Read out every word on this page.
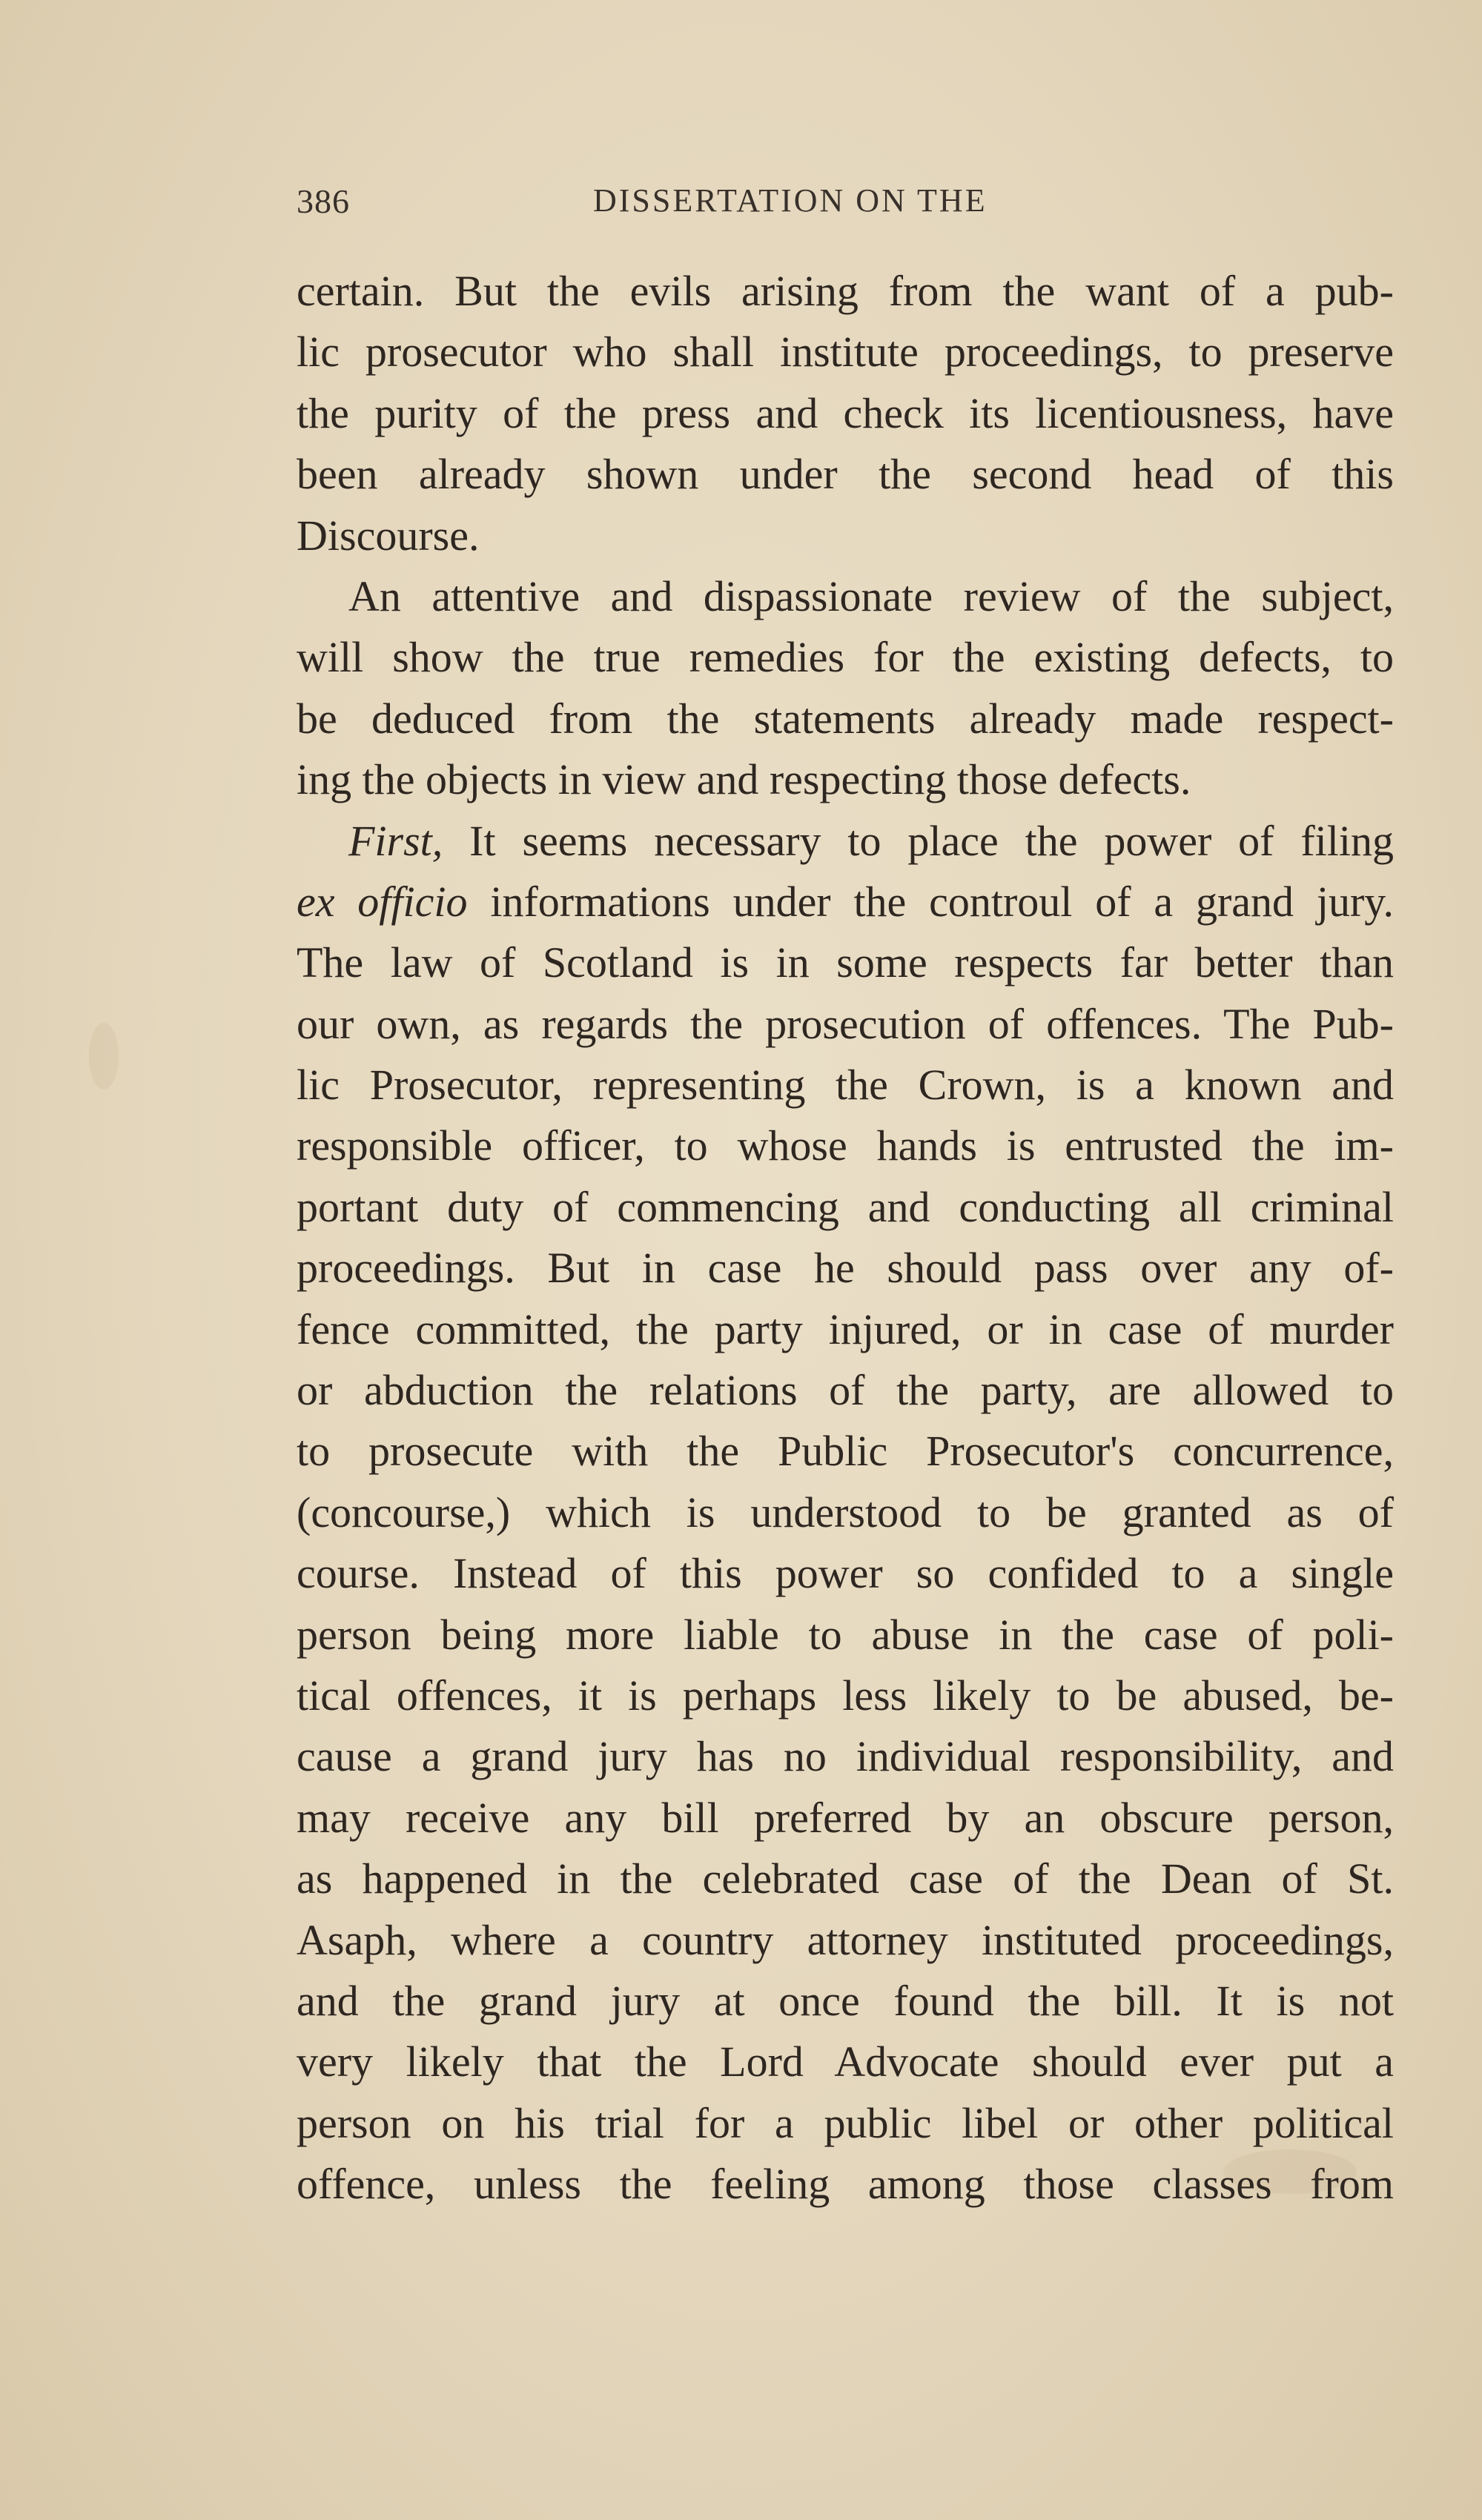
386	DISSERTATION ON THE
certain. But the evils arising from the want of a pub-
lic prosecutor who shall institute proceedings, to preserve
the purity of the press and check its licentiousness, have
been already shown under the second head of this
Discourse.
An attentive and dispassionate review of the subject,
will show the true remedies for the existing defects, to
be deduced from the statements already made respect-
ing the objects in view and respecting those defects.
First, It seems necessary to place the power of filing
ex officio informations under the controul of a grand jury.
The law of Scotland is in some respects far better than
our own, as regards the prosecution of offences. The Pub-
lic Prosecutor, representing the Crown, is a known and
responsible officer, to whose hands is entrusted the im-
portant duty of commencing and conducting all criminal
proceedings. But in case he should pass over any of-
fence committed, the party injured, or in case of murder
or abduction the relations of the party, are allowed to
to prosecute with the Public Prosecutor's concurrence,
(concourse,) which is understood to be granted as of
course. Instead of this power so confided to a single
person being more liable to abuse in the case of poli-
tical offences, it is perhaps less likely to be abused, be-
cause a grand jury has no individual responsibility, and
may receive any bill preferred by an obscure person,
as happened in the celebrated case of the Dean of St.
Asaph, where a country attorney instituted proceedings,
and the grand jury at once found the bill. It is not
very likely that the Lord Advocate should ever put a
person on his trial for a public libel or other political
offence, unless the feeling among those classes from
